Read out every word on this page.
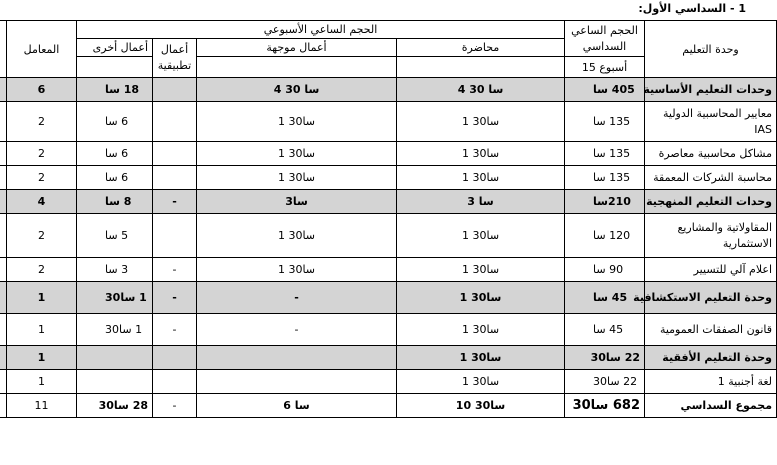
1 - السداسي الأول:
	المعامل	الحجم الساعي الأسبوعي				الحجم الساعي السداسي	وحدة التعليم
		أعمال أخرى	أعمال تطبيقية	أعمال موجهة	محاضرة		
						15 أسبوع	
	6	18 سا		4 سا 30	4 سا 30	405 سا	وحدات التعليم الأساسية
	2	6 سا		1 سا30	1 سا30	135 سا	معايير المحاسبية الدولية IAS
	2	6 سا		1 سا30	1 سا30	135 سا	مشاكل محاسبية معاصرة
	2	6 سا		1 سا30	1 سا30	135 سا	محاسبة الشركات المعمقة
	4	8 سا	-	3سا	3 سا	210سا	وحدات التعليم المنهجية
	2	5 سا		1 سا30	1 سا30	120 سا	المقاولاتية والمشاريع الاستثمارية
	2	3 سا	-	1 سا30	1 سا30	90 سا	اعلام آلي للتسيير
	1	1 سا30	-	-	1 سا30	45 سا	وحدة التعليم الاستكشافية
	1	1 سا30	-	-	1 سا30	45 سا	قانون الصفقات العمومية
	1				1 سا30	22 سا30	وحدة التعليم الأفقية
	1				1 سا30	22 سا30	لغة أجنبية 1
	11	28 سا30	-	6 سا	10 سا30	682 سا30	مجموع السداسي
